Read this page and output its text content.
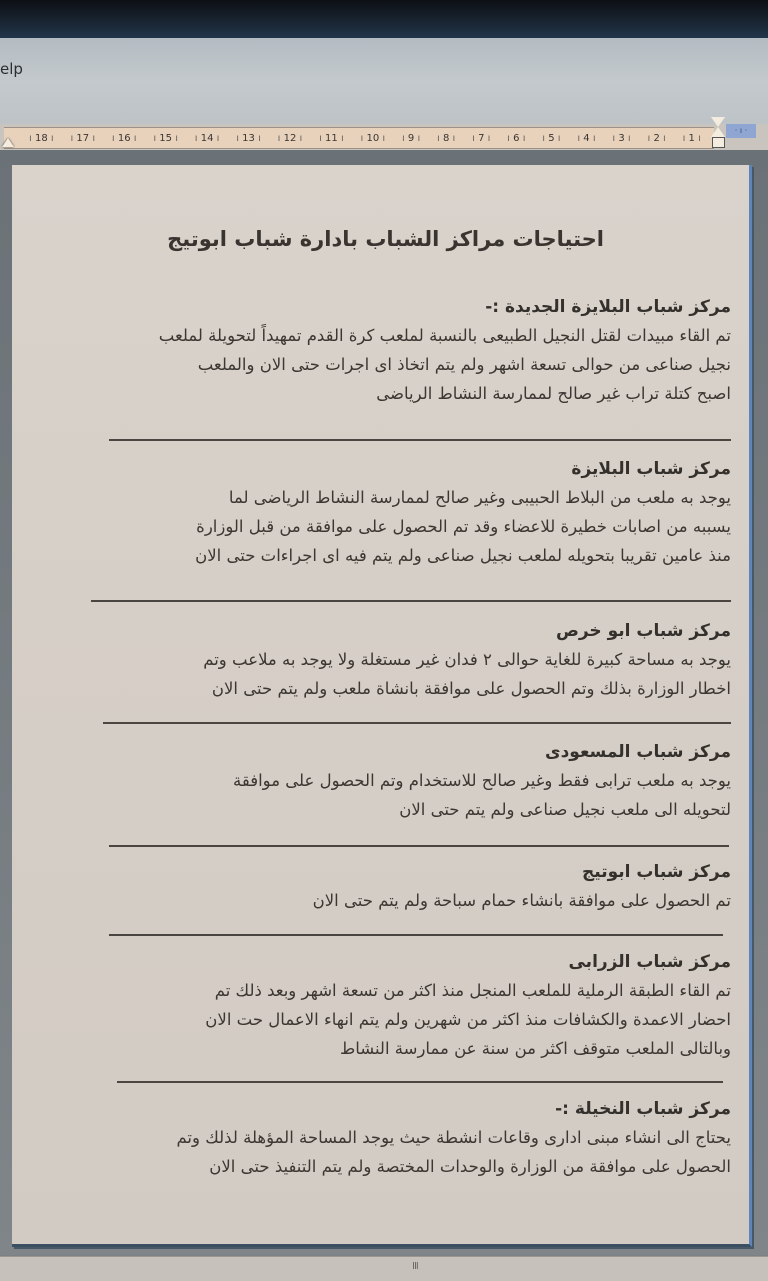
elp
ı 1 ı
ı 2 ı
ı 3 ı
ı 4 ı
ı 5 ı
ı 6 ı
ı 7 ı
ı 8 ı
ı 9 ı
ı 10 ı
ı 11 ı
ı 12 ı
ı 13 ı
ı 14 ı
ı 15 ı
ı 16 ı
ı 17 ı
ı 18 ı
· ı ·
احتياجات مراكز الشباب بادارة شباب ابوتيج
مركز شباب البلايزة الجديدة :-
تم القاء مبيدات لقتل النجيل الطبيعى بالنسبة لملعب كرة القدم تمهيداً لتحويلة لملعب
نجيل صناعى من حوالى تسعة اشهر ولم يتم اتخاذ اى اجرات حتى الان والملعب
اصبح كتلة تراب غير صالح لممارسة النشاط الرياضى
مركز شباب البلايزة
يوجد به ملعب من البلاط الحبيبى وغير صالح لممارسة النشاط الرياضى لما
يسببه من اصابات خطيرة للاعضاء وقد تم الحصول على موافقة من قبل الوزارة
منذ عامين تقريبا بتحويله لملعب نجيل صناعى ولم يتم فيه اى اجراءات حتى الان
مركز شباب ابو خرص
يوجد به مساحة كبيرة للغاية حوالى ٢ فدان غير مستغلة ولا يوجد به ملاعب وتم
اخطار الوزارة بذلك وتم الحصول على موافقة بانشاة ملعب ولم يتم حتى الان
مركز شباب المسعودى
يوجد به ملعب ترابى فقط وغير صالح للاستخدام وتم الحصول على موافقة
لتحويله الى ملعب نجيل صناعى ولم يتم حتى الان
مركز شباب ابوتيج
تم الحصول على موافقة بانشاء حمام سباحة ولم يتم حتى الان
مركز شباب الزرابى
تم القاء الطبقة الرملية للملعب المنجل منذ اكثر من تسعة اشهر وبعد ذلك تم
احضار الاعمدة والكشافات منذ اكثر من شهرين ولم يتم انهاء الاعمال حت الان
وبالتالى الملعب متوقف اكثر من سنة عن ممارسة النشاط
مركز شباب النخيلة :-
يحتاج الى انشاء مبنى ادارى وقاعات انشطة حيث يوجد المساحة المؤهلة لذلك وتم
الحصول على موافقة من الوزارة والوحدات المختصة ولم يتم التنفيذ حتى الان
III
